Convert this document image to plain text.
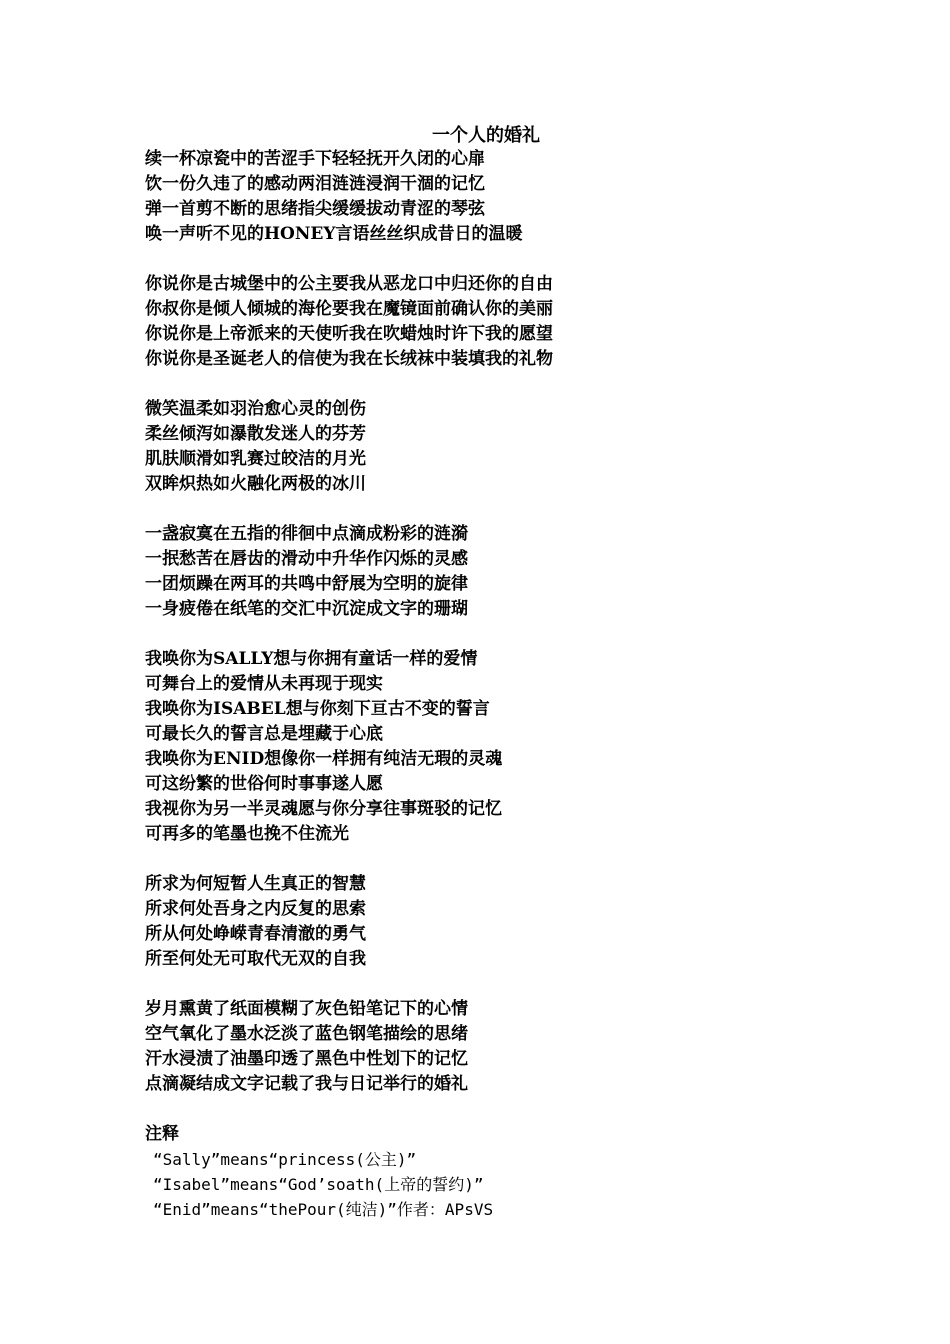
一个人的婚礼
续一杯凉瓷中的苦涩手下轻轻抚开久闭的心扉
饮一份久违了的感动两泪涟涟浸润干涸的记忆
弹一首剪不断的思绪指尖缓缓拔动青涩的琴弦
唤一声听不见的HONEY言语丝丝织成昔日的温暖
你说你是古城堡中的公主要我从恶龙口中归还你的自由
你叔你是倾人倾城的海伦要我在魔镜面前确认你的美丽
你说你是上帝派来的天使听我在吹蜡烛时许下我的愿望
你说你是圣诞老人的信使为我在长绒袜中装填我的礼物
微笑温柔如羽治愈心灵的创伤
柔丝倾泻如瀑散发迷人的芬芳
肌肤顺滑如乳赛过皎洁的月光
双眸炽热如火融化两极的冰川
一盏寂寞在五指的徘徊中点滴成粉彩的涟漪
一抿愁苦在唇齿的滑动中升华作闪烁的灵感
一团烦躁在两耳的共鸣中舒展为空明的旋律
一身疲倦在纸笔的交汇中沉淀成文字的珊瑚
我唤你为SALLY想与你拥有童话一样的爱情
可舞台上的爱情从未再现于现实
我唤你为ISABEL想与你刻下亘古不变的誓言
可最长久的誓言总是埋藏于心底
我唤你为ENID想像你一样拥有纯洁无瑕的灵魂
可这纷繁的世俗何时事事遂人愿
我视你为另一半灵魂愿与你分享往事斑驳的记忆
可再多的笔墨也挽不住流光
所求为何短暂人生真正的智慧
所求何处吾身之内反复的思索
所从何处峥嵘青春清澈的勇气
所至何处无可取代无双的自我
岁月熏黄了纸面模糊了灰色铅笔记下的心情
空气氧化了墨水泛淡了蓝色钢笔描绘的思绪
汗水浸渍了油墨印透了黑色中性划下的记忆
点滴凝结成文字记载了我与日记举行的婚礼
注释
“Sally”means“princess(公主)”
“Isabel”means“God’soath(上帝的誓约)”
“Enid”means“thePour(纯洁)”作者：APsVS
